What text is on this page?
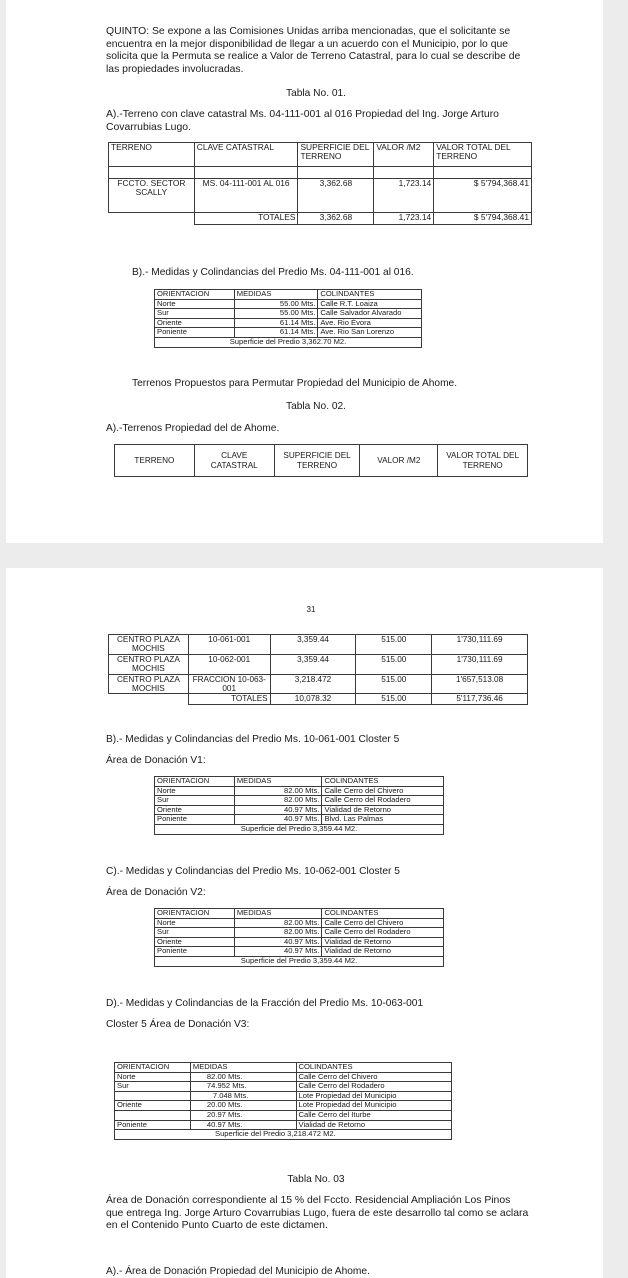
QUINTO: Se expone a las Comisiones Unidas arriba mencionadas, que el solicitante se encuentra en la mejor disponibilidad de llegar a un acuerdo con el Municipio, por lo que solicita que la Permuta se realice a Valor de Terreno Catastral, para lo cual se describe de las propiedades involucradas.
Tabla No. 01.
A).-Terreno con clave catastral Ms. 04-111-001 al 016 Propiedad del Ing. Jorge Arturo Covarrubias Lugo.
TERRENO	CLAVE CATASTRAL	SUPERFICIE DEL TERRENO	VALOR /M2	VALOR TOTAL DEL TERRENO

FCCTO. SECTOR SCALLY	MS. 04-111-001 AL 016	3,362.68	1,723.14	$ 5'794,368.41
	TOTALES	3,362.68	1,723.14	$ 5'794,368.41
B).- Medidas y Colindancias del Predio Ms. 04-111-001 al 016.
ORIENTACION	MEDIDAS	COLINDANTES
Norte	55.00 Mts.	Calle R.T. Loaiza
Sur	55.00 Mts.	Calle Salvador Alvarado
Oriente	61.14 Mts.	Ave. Rio Évora
Poniente	61.14 Mts.	Ave. Rio San Lorenzo
Superficie del Predio 3,362.70 M2.		
Terrenos Propuestos para Permutar Propiedad del Municipio de Ahome.
Tabla No. 02.
A).-Terrenos Propiedad del de Ahome.
TERRENO	CLAVE CATASTRAL	SUPERFICIE DEL TERRENO	VALOR /M2	VALOR TOTAL DEL TERRENO
31
CENTRO PLAZA MOCHIS	10-061-001	3,359.44	515.00	1'730,111.69
CENTRO PLAZA MOCHIS	10-062-001	3,359.44	515.00	1'730,111.69
CENTRO PLAZA MOCHIS	FRACCION 10-063-001	3,218.472	515.00	1'657,513.08
	TOTALES	10,078.32	515.00	5'117,736.46
B).- Medidas y Colindancias del Predio Ms. 10-061-001 Closter 5
Área de Donación V1:
ORIENTACION	MEDIDAS	COLINDANTES
Norte	82.00 Mts.	Calle Cerro del Chivero
Sur	82.00 Mts.	Calle Cerro del Rodadero
Oriente	40.97 Mts.	Vialidad de Retorno
Poniente	40.97 Mts.	Blvd. Las Palmas
Superficie del Predio 3,359.44 M2.		
C).- Medidas y Colindancias del Predio Ms. 10-062-001 Closter 5
Área de Donación V2:
ORIENTACION	MEDIDAS	COLINDANTES
Norte	82.00 Mts.	Calle Cerro del Chivero
Sur	82.00 Mts.	Calle Cerro del Rodadero
Oriente	40.97 Mts.	Vialidad de Retorno
Poniente	40.97 Mts.	Vialidad de Retorno
Superficie del Predio 3,359.44 M2.		
D).- Medidas y Colindancias de la Fracción del Predio Ms. 10-063-001
Closter 5 Área de Donación V3:
ORIENTACION	MEDIDAS	COLINDANTES
Norte	82.00 Mts.	Calle Cerro del Chivero
Sur	74.952 Mts.	Calle Cerro del Rodadero
	7.048 Mts.	Lote Propiedad del Municipio
Oriente	20.00 Mts.	Lote Propiedad del Municipio
	20.97 Mts.	Calle Cerro del Iturbe
Poniente	40.97 Mts.	Vialidad de Retorno
Superficie del Predio 3,218.472 M2.		
Tabla No. 03
Área de Donación correspondiente al 15 % del Fccto. Residencial Ampliación Los Pinos que entrega Ing. Jorge Arturo Covarrubias Lugo, fuera de este desarrollo tal como se aclara en el Contenido Punto Cuarto de este dictamen.
A).- Área de Donación Propiedad del Municipio de Ahome.
